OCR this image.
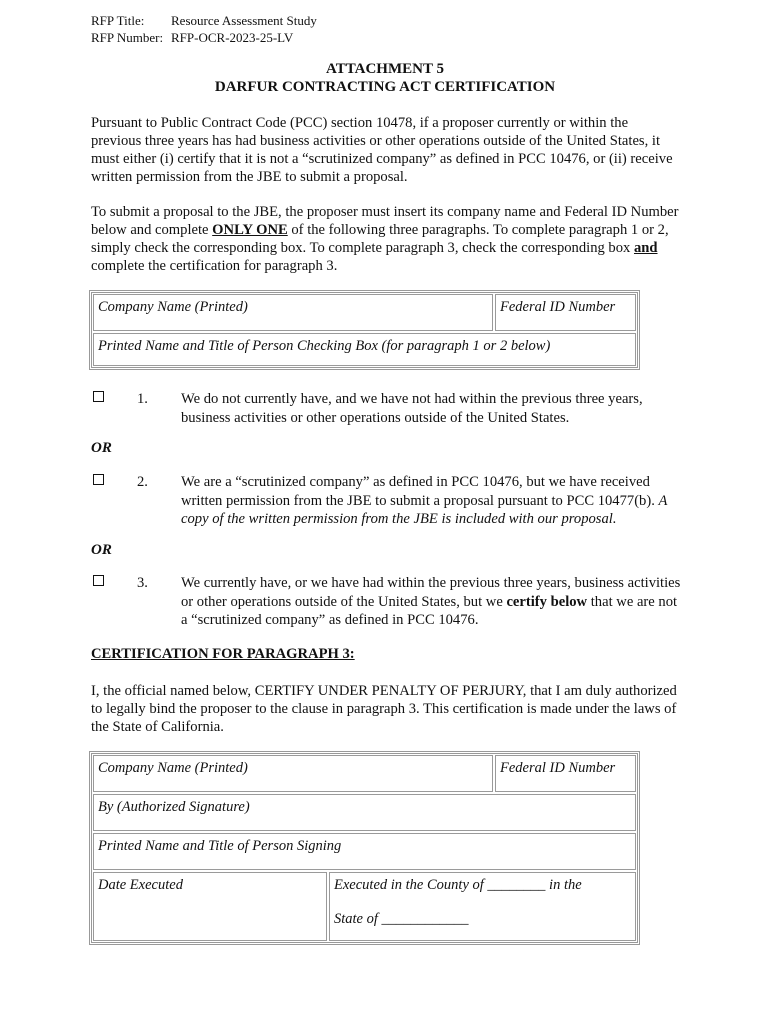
RFP Title: Resource Assessment Study
RFP Number: RFP-OCR-2023-25-LV
ATTACHMENT 5
DARFUR CONTRACTING ACT CERTIFICATION
Pursuant to Public Contract Code (PCC) section 10478, if a proposer currently or within the previous three years has had business activities or other operations outside of the United States, it must either (i) certify that it is not a “scrutinized company” as defined in PCC 10476, or (ii) receive written permission from the JBE to submit a proposal.
To submit a proposal to the JBE, the proposer must insert its company name and Federal ID Number below and complete ONLY ONE of the following three paragraphs. To complete paragraph 1 or 2, simply check the corresponding box. To complete paragraph 3, check the corresponding box and complete the certification for paragraph 3.
Company Name (Printed)	Federal ID Number
Printed Name and Title of Person Checking Box (for paragraph 1 or 2 below)
1. We do not currently have, and we have not had within the previous three years, business activities or other operations outside of the United States.
OR
2. We are a “scrutinized company” as defined in PCC 10476, but we have received written permission from the JBE to submit a proposal pursuant to PCC 10477(b). A copy of the written permission from the JBE is included with our proposal.
OR
3. We currently have, or we have had within the previous three years, business activities or other operations outside of the United States, but we certify below that we are not a “scrutinized company” as defined in PCC 10476.
CERTIFICATION FOR PARAGRAPH 3:
I, the official named below, CERTIFY UNDER PENALTY OF PERJURY, that I am duly authorized to legally bind the proposer to the clause in paragraph 3. This certification is made under the laws of the State of California.
Company Name (Printed)	Federal ID Number
By (Authorized Signature)
Printed Name and Title of Person Signing
Date Executed	Executed in the County of ________ in the
State of ____________
